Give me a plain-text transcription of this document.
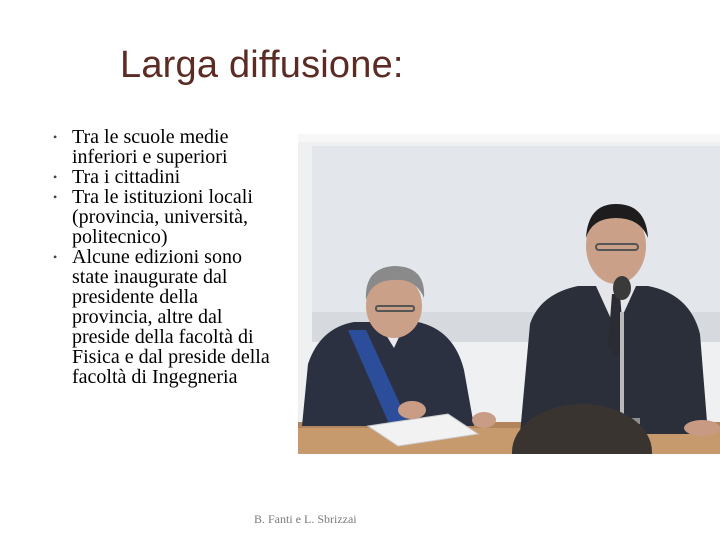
Larga diffusione:
• Tra le scuole medie
inferiori e superiori
• Tra i cittadini
• Tra le istituzioni locali
(provincia, università,
politecnico)
• Alcune edizioni sono
state inaugurate dal
presidente della
provincia, altre dal
preside della facoltà di
Fisica e dal preside della
facoltà di Ingegneria
B. Fanti e L. Sbrizzai
